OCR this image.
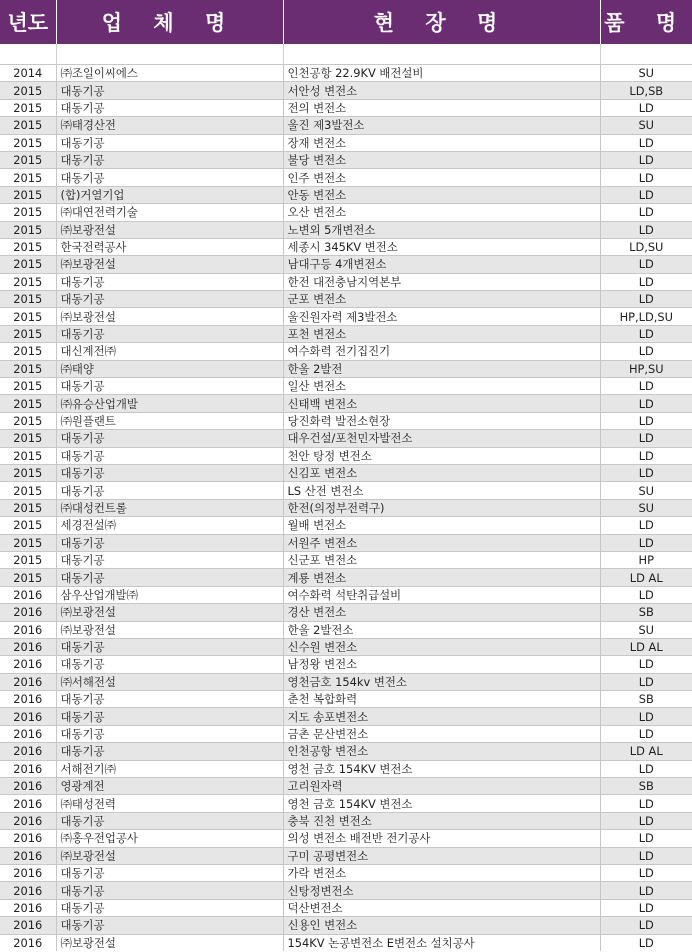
년도	업 체 명	현 장 명	품 명

2014	㈜조일이씨에스	인천공항 22.9KV 배전설비	SU
2015	대동기공	서안성 변전소	LD,SB
2015	대동기공	전의 변전소	LD
2015	㈜태경산전	울진 제3발전소	SU
2015	대동기공	장재 변전소	LD
2015	대동기공	불당 변전소	LD
2015	대동기공	인주 변전소	LD
2015	(합)거열기업	안동 변전소	LD
2015	㈜대연전력기술	오산 변전소	LD
2015	㈜보광전설	노변외 5개변전소	LD
2015	한국전력공사	세종시 345KV 변전소	LD,SU
2015	㈜보광전설	남대구등 4개변전소	LD
2015	대동기공	한전 대전충남지역본부	LD
2015	대동기공	군포 변전소	LD
2015	㈜보광전설	울진원자력 제3발전소	HP,LD,SU
2015	대동기공	포천 변전소	LD
2015	대신계전㈜	여수화력 전기집진기	LD
2015	㈜태양	한울 2발전	HP,SU
2015	대동기공	일산 변전소	LD
2015	㈜유승산업개발	신태백 변전소	LD
2015	㈜원플랜트	당진화력 발전소현장	LD
2015	대동기공	대우건설/포천민자발전소	LD
2015	대동기공	천안 탕정 변전소	LD
2015	대동기공	신김포 변전소	LD
2015	대동기공	LS 산전 변전소	SU
2015	㈜대성컨트롤	한전(의정부전력구)	SU
2015	세경전설㈜	월배 변전소	LD
2015	대동기공	서원주 변전소	LD
2015	대동기공	신군포 변전소	HP
2015	대동기공	계룡 변전소	LD AL
2016	삼우산업개발㈜	여수화력 석탄취급설비	LD
2016	㈜보광전설	경산 변전소	SB
2016	㈜보광전설	한울 2발전소	SU
2016	대동기공	신수원 변전소	LD AL
2016	대동기공	남정왕 변전소	LD
2016	㈜서해전설	영천금호 154kv 변전소	LD
2016	대동기공	춘천 복합화력	SB
2016	대동기공	지도 송포변전소	LD
2016	대동기공	금촌 문산변전소	LD
2016	대동기공	인천공항 변전소	LD AL
2016	서해전기㈜	영천 금호 154KV 변전소	LD
2016	영광계전	고리원자력	SB
2016	㈜태성전력	영천 금호 154KV 변전소	LD
2016	대동기공	충북 진천 변전소	LD
2016	㈜홍우전업공사	의성 변전소 배전반 전기공사	LD
2016	㈜보광전설	구미 공평변전소	LD
2016	대동기공	가락 변전소	LD
2016	대동기공	신탕정변전소	LD
2016	대동기공	덕산변전소	LD
2016	대동기공	신용인 변전소	LD
2016	㈜보광전설	154KV 논공변전소 E변전소 설치공사	LD
